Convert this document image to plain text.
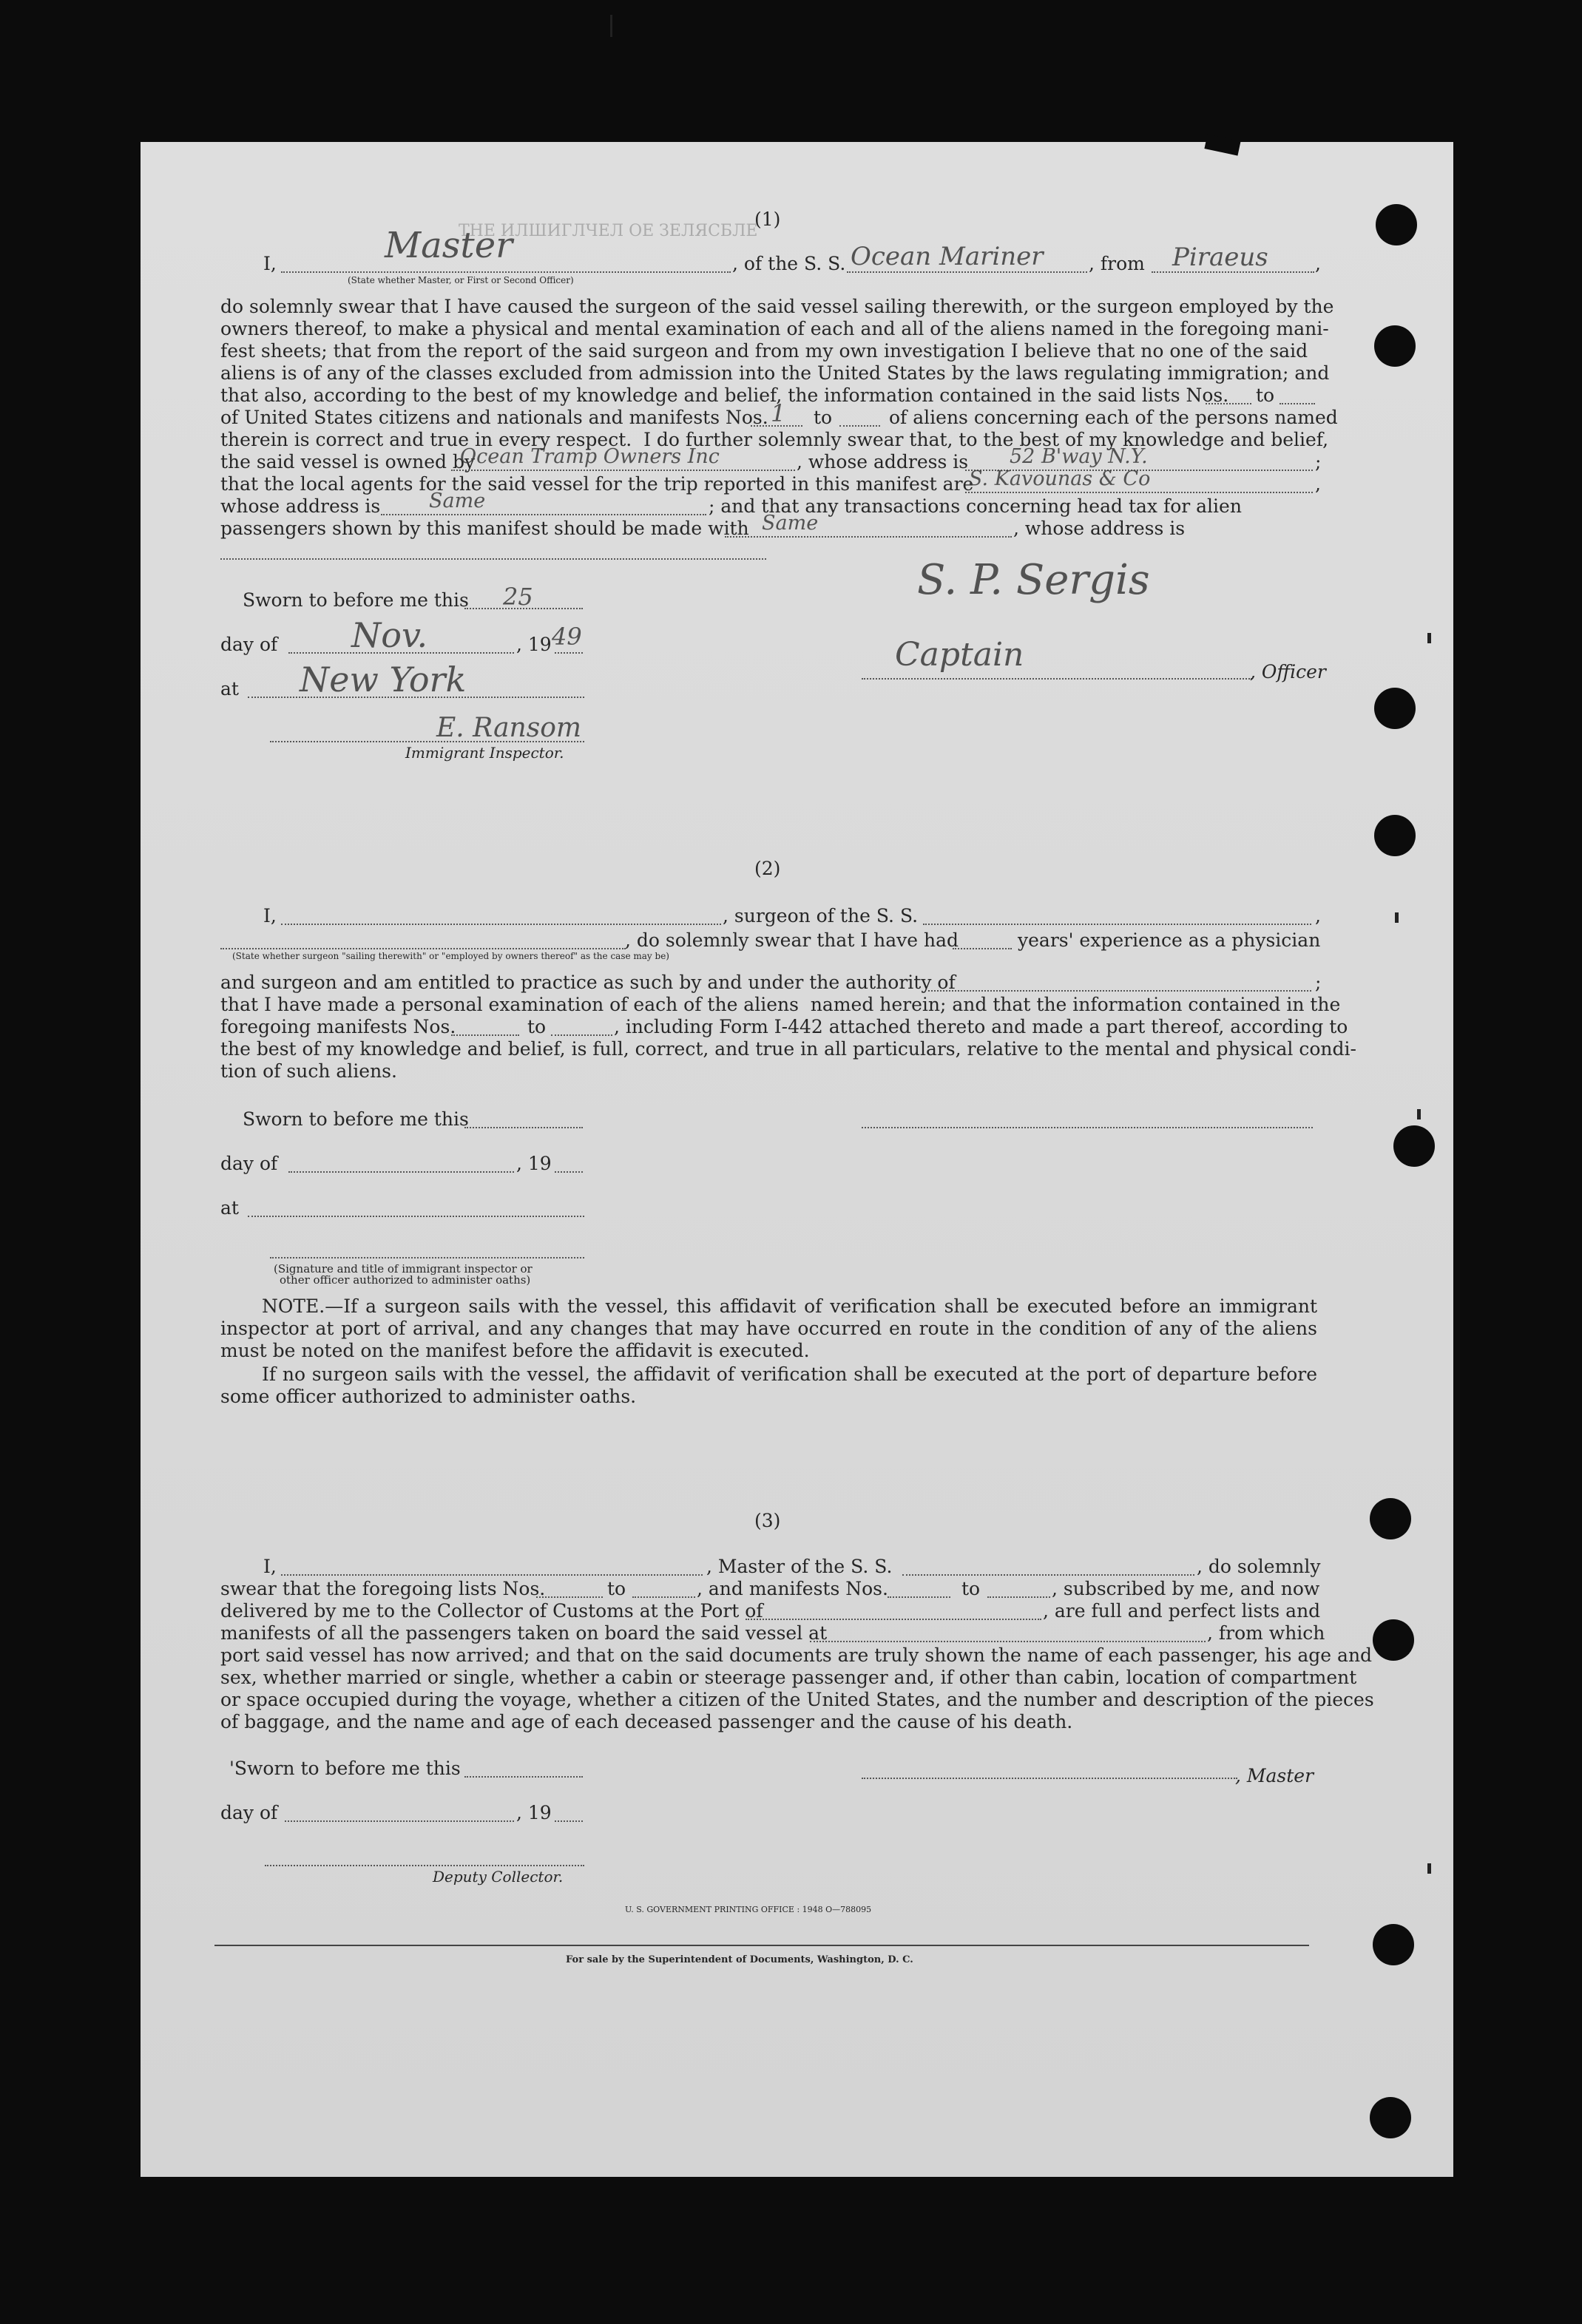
ТНЕ ИЛШИГЛЧЕЛ ОЕ ЗЕЛЯСБЛЕ
(1)
I,	Master	, of the S. S. Ocean Mariner , from Piraeus	,
(State whether Master, or First or Second Officer)
do solemnly swear that I have caused the surgeon of the said vessel sailing therewith, or the surgeon employed by the
owners thereof, to make a physical and mental examination of each and all of the aliens named in the foregoing mani-
fest sheets; that from the report of the said surgeon and from my own investigation I believe that no one of the said
aliens is of any of the classes excluded from admission into the United States by the laws regulating immigration; and
that also, according to the best of my knowledge and belief, the information contained in the said lists Nos. to
of United States citizens and nationals and manifests Nos. 1 to	of aliens concerning each of the persons named
therein is correct and true in every respect.  I do further solemnly swear that, to the best of my knowledge and belief,
the said vessel is owned by
Ocean Tramp Owners Inc	, whose address is 52 B'way N.Y.	;
that the local agents for the said vessel for the trip reported in this manifest are
S. Kavounas & Co	,
whose address is Same	; and that any transactions concerning head tax for alien
passengers shown by this manifest should be made with Same	, whose address is
Sworn to before me this 25
day of Nov.	, 19 49
at New York
E. Ransom
Immigrant Inspector.
S. P. Sergis
Captain	, Officer
(2)
I,	, surgeon of the S. S.	,
, do solemnly swear that I have had	years' experience as a physician
(State whether surgeon "sailing therewith" or "employed by owners thereof" as the case may be)
and surgeon and am entitled to practice as such by and under the authority of	;
that I have made a personal examination of each of the aliens  named herein; and that the information contained in the
foregoing manifests Nos.	to	, including Form I-442 attached thereto and made a part thereof, according to
the best of my knowledge and belief, is full, correct, and true in all particulars, relative to the mental and physical condi-
tion of such aliens.
Sworn to before me this
day of	, 19
at
(Signature and title of immigrant inspector or
other officer authorized to administer oaths)
NOTE.—If a surgeon sails with the vessel, this affidavit of verification shall be executed before an immigrant inspector at port of arrival, and any changes that may have occurred en route in the condition of any of the aliens must be noted on the manifest before the affidavit is executed.
If no surgeon sails with the vessel, the affidavit of verification shall be executed at the port of departure before some officer authorized to administer oaths.
(3)
I,	, Master of the S. S.	, do solemnly
swear that the foregoing lists Nos.	to	, and manifests Nos.	to	, subscribed by me, and now
delivered by me to the Collector of Customs at the Port of	, are full and perfect lists and
manifests of all the passengers taken on board the said vessel at	, from which
port said vessel has now arrived; and that on the said documents are truly shown the name of each passenger, his age and
sex, whether married or single, whether a cabin or steerage passenger and, if other than cabin, location of compartment
or space occupied during the voyage, whether a citizen of the United States, and the number and description of the pieces
of baggage, and the name and age of each deceased passenger and the cause of his death.
'Sworn to before me this	, Master
day of	, 19
Deputy Collector.
U. S. GOVERNMENT PRINTING OFFICE : 1948 O—788095
For sale by the Superintendent of Documents, Washington, D. C.
